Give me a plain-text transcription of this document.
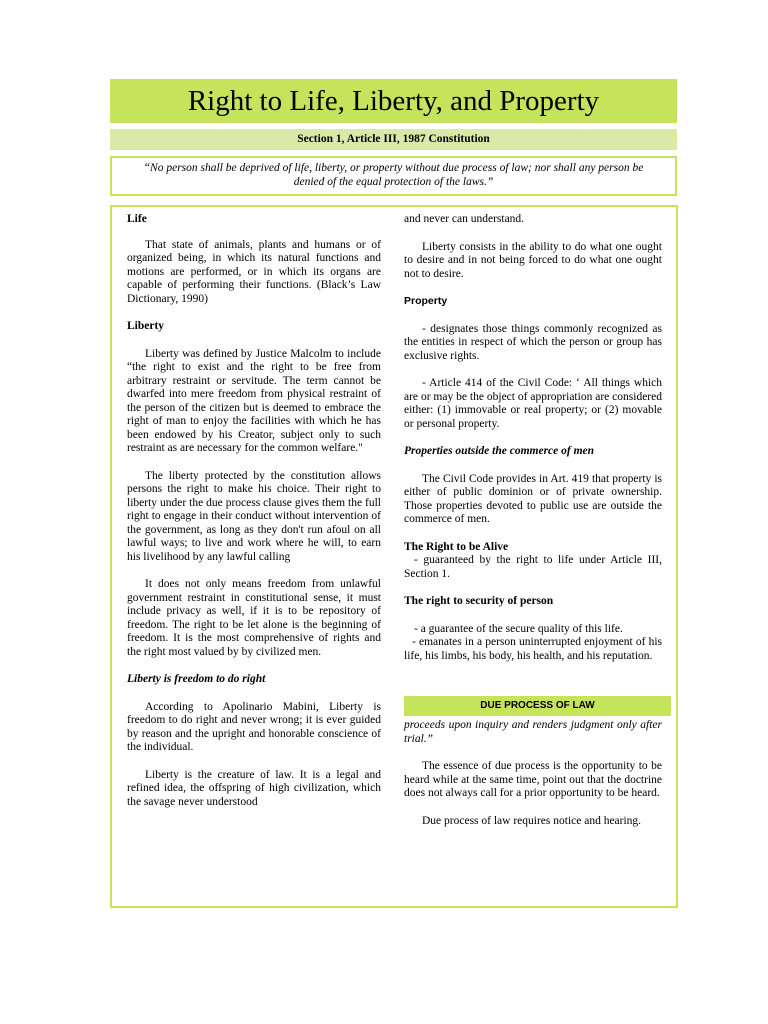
Right to Life, Liberty, and Property
Section 1, Article III, 1987 Constitution
“No person shall be deprived of life, liberty, or property without due process of law; nor shall any person be denied of the equal protection of the laws.”
Life

That state of animals, plants and humans or of organized being, in which its natural functions and motions are performed, or in which its organs are capable of performing their functions. (Black’s Law Dictionary, 1990)

Liberty

Liberty was defined by Justice Malcolm to include “the right to exist and the right to be free from arbitrary restraint or servitude. The term cannot be dwarfed into mere freedom from physical restraint of the person of the citizen but is deemed to embrace the right of man to enjoy the facilities with which he has been endowed by his Creator, subject only to such restraint as are necessary for the common welfare."

The liberty protected by the constitution allows persons the right to make his choice. Their right to liberty under the due process clause gives them the full right to engage in their conduct without intervention of the government, as long as they don't run afoul on all lawful ways; to live and work where he will, to earn his livelihood by any lawful calling

It does not only means freedom from unlawful government restraint in constitutional sense, it must include privacy as well, if it is to be repository of freedom. The right to be let alone is the beginning of freedom. It is the most comprehensive of rights and the right most valued by by civilized men.

Liberty is freedom to do right

According to Apolinario Mabini, Liberty is freedom to do right and never wrong; it is ever guided by reason and the upright and honorable conscience of the individual.

Liberty is the creature of law. It is a legal and refined idea, the offspring of high civilization, which the savage never understood

and never can understand.

Liberty consists in the ability to do what one ought to desire and in not being forced to do what one ought not to desire.

Property

- designates those things commonly recognized as the entities in respect of which the person or group has exclusive rights.

- Article 414 of the Civil Code: ‘ All things which are or may be the object of appropriation are considered either: (1) immovable or real property; or (2) movable or personal property.

Properties outside the commerce of men

The Civil Code provides in Art. 419 that property is either of public dominion or of private ownership. Those properties devoted to public use are outside the commerce of men.

The Right to be Alive

- guaranteed by the right to life under Article III, Section 1.

The right to security of person

- a guarantee of the secure quality of this life.

- emanates in a person uninterrupted enjoyment of his life, his limbs, his body, his health, and his reputation.

DUE PROCESS OF LAW

proceeds upon inquiry and renders judgment only after trial.”

The essence of due process is the opportunity to be heard while at the same time, point out that the doctrine does not always call for a prior opportunity to be heard.

Due process of law requires notice and hearing.
